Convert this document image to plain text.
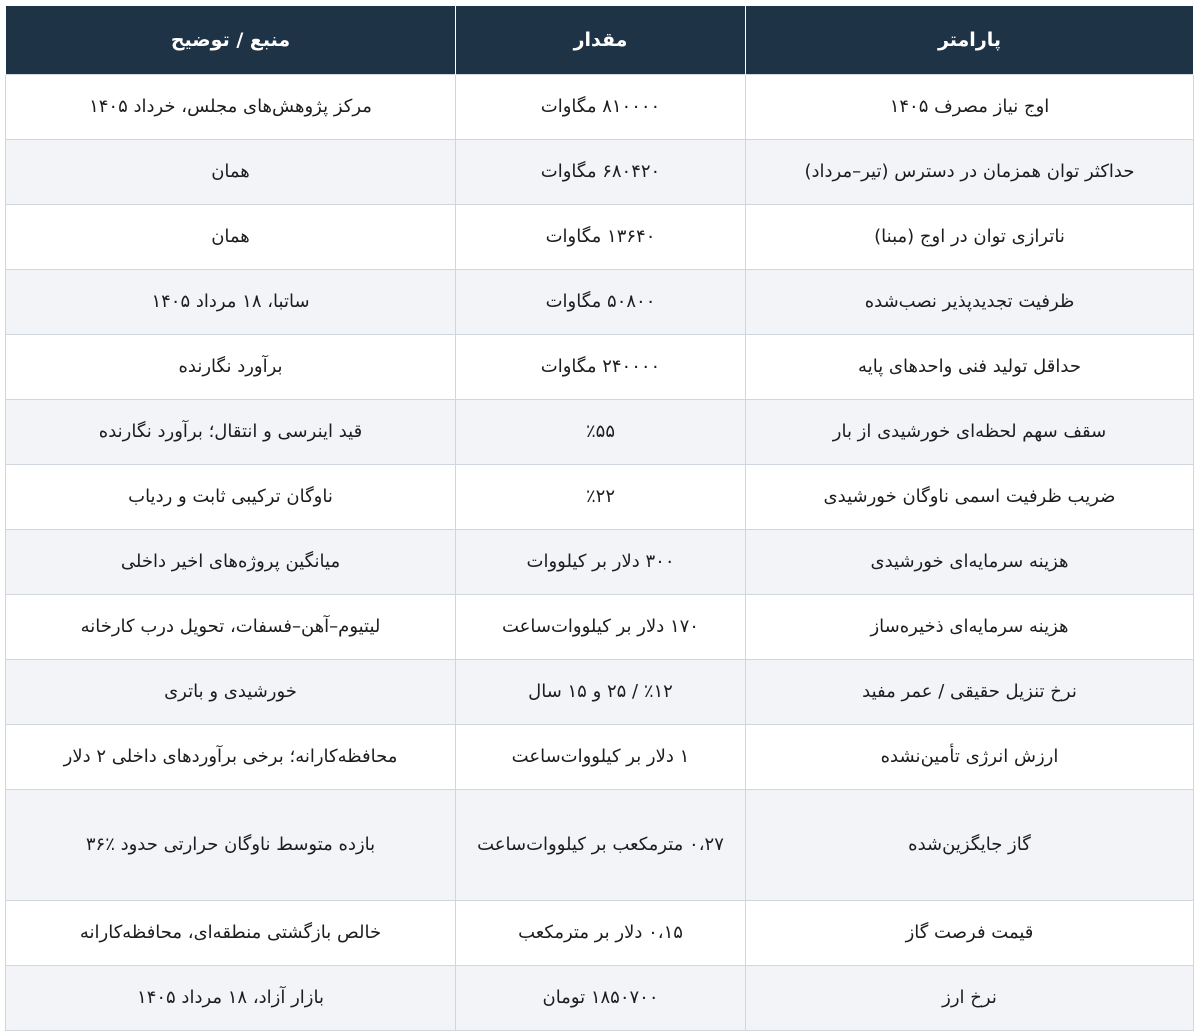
پارامتر	مقدار	منبع / توضیح
اوج نیاز مصرف ۱۴۰۵	۸۱۰۰۰۰ مگاوات	مرکز پژوهش‌های مجلس، خرداد ۱۴۰۵
حداکثر توان همزمان در دسترس (تیر–مرداد)	۶۸۰۴۲۰ مگاوات	همان
ناترازی توان در اوج (مبنا)	۱۳۶۴۰ مگاوات	همان
ظرفیت تجدیدپذیر نصب‌شده	۵۰۸۰۰ مگاوات	ساتبا، ۱۸ مرداد ۱۴۰۵
حداقل تولید فنی واحدهای پایه	۲۴۰۰۰۰ مگاوات	برآورد نگارنده
سقف سهم لحظه‌ای خورشیدی از بار	٪۵۵	قید اینرسی و انتقال؛ برآورد نگارنده
ضریب ظرفیت اسمی ناوگان خورشیدی	٪۲۲	ناوگان ترکیبی ثابت و ردیاب
هزینه سرمایه‌ای خورشیدی	۳۰۰ دلار بر کیلووات	میانگین پروژه‌های اخیر داخلی
هزینه سرمایه‌ای ذخیره‌ساز	۱۷۰ دلار بر کیلووات‌ساعت	لیتیوم–آهن–فسفات، تحویل درب کارخانه
نرخ تنزیل حقیقی / عمر مفید	٪۱۲ / ۲۵ و ۱۵ سال	خورشیدی و باتری
ارزش انرژی تأمین‌نشده	۱ دلار بر کیلووات‌ساعت	محافظه‌کارانه؛ برخی برآوردهای داخلی ۲ دلار
گاز جایگزین‌شده	۰،۲۷ مترمکعب بر کیلووات‌ساعت	بازده متوسط ناوگان حرارتی حدود ٪۳۶
قیمت فرصت گاز	۰،۱۵ دلار بر مترمکعب	خالص بازگشتی منطقه‌ای، محافظه‌کارانه
نرخ ارز	۱۸۵۰۷۰۰ تومان	بازار آزاد، ۱۸ مرداد ۱۴۰۵
